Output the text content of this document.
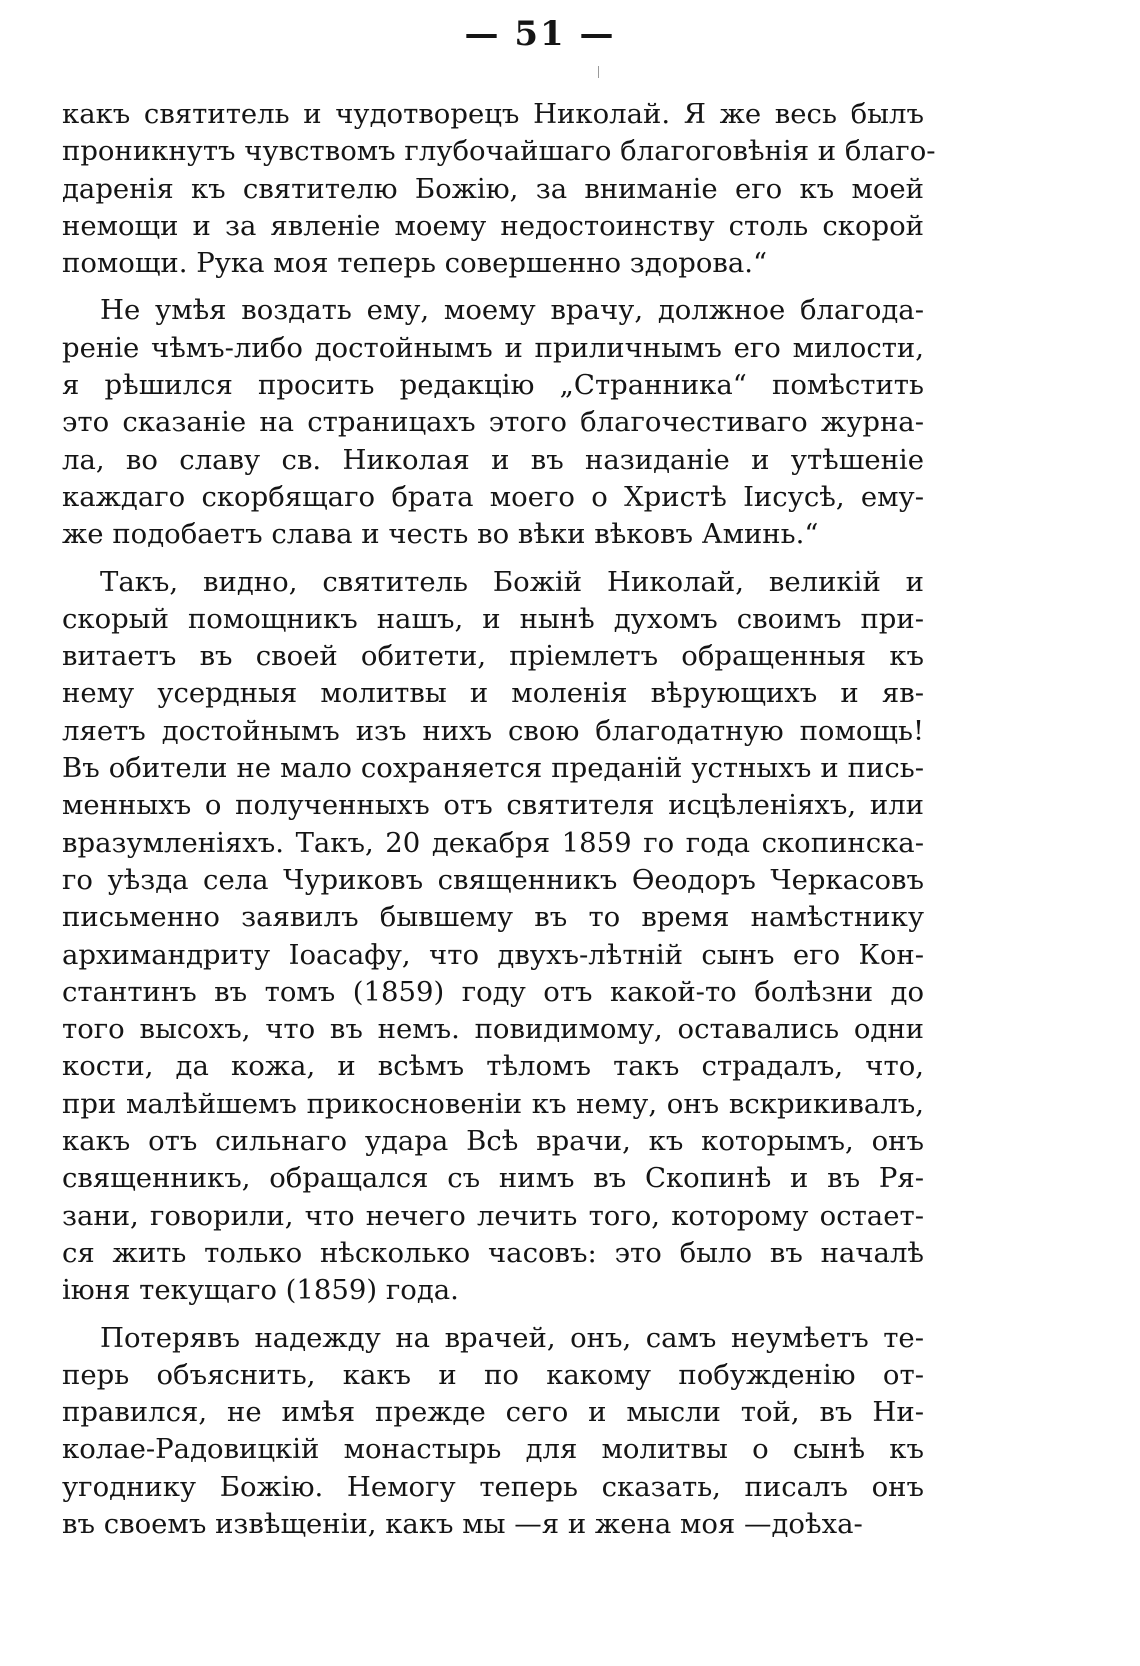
— 51 —
какъ святитель и чудотворецъ Николай. Я же весь былъ
проникнутъ чувствомъ глубочайшаго благоговѣнія и благо-
дарeнія къ святителю Божію, за вниманіе его къ моей
немощи и за явленіе моему недостоинству столь скорой
помощи. Рука моя теперь совершенно здорова.“
Не умѣя воздать ему, моему врачу, должное благода-
реніе чѣмъ-либо достойнымъ и приличнымъ его милости,
я рѣшился просить редакцію „Странника“ помѣстить
это сказаніе на страницахъ этого благочестиваго журна-
ла, во славу св. Николая и въ назиданіе и утѣшеніе
каждаго скорбящаго брата моего о Христѣ Іисусѣ, ему-
же подобаетъ слава и честь во вѣки вѣковъ Аминь.“
Такъ, видно, святитель Божій Николай, великій и
скорый помощникъ нашъ, и нынѣ духомъ своимъ при-
витаетъ въ своей обитети, пріемлетъ обращенныя къ
нему усердныя молитвы и моленія вѣрующихъ и яв-
ляетъ достойнымъ изъ нихъ свою благодатную помощь!
Въ обители не мало сохраняется преданій устныхъ и пись-
менныхъ о полученныхъ отъ святителя исцѣленіяхъ, или
вразумленіяхъ. Такъ, 20 декабря 1859 го года скопинска-
го уѣзда села Чуриковъ священникъ Ѳеодоръ Черкасовъ
письменно заявилъ бывшему въ то время намѣстнику
архимандриту Іоасафу, что двухъ-лѣтній сынъ его Кон-
стантинъ въ томъ (1859) году отъ какой-то болѣзни до
того высохъ, что въ немъ. повидимому, оставались одни
кости, да кожа, и всѣмъ тѣломъ такъ страдалъ, что,
при малѣйшемъ прикосновеніи къ нему, онъ вскрикивалъ,
какъ отъ сильнаго удара Всѣ врачи, къ которымъ, онъ
священникъ, обращался съ нимъ въ Скопинѣ и въ Ря-
зани, говорили, что нечего лечить того, которому остает-
ся жить только нѣсколько часовъ: это было въ началѣ
іюня текущаго (1859) года.
Потерявъ надежду на врачей, онъ, самъ неумѣетъ те-
перь объяснить, какъ и по какому побужденію от-
правился, не имѣя прежде сего и мысли той, въ Ни-
колае-Радовицкій монастырь для молитвы о сынѣ къ
угоднику Божію. Немогу теперь сказать, писалъ онъ
въ своемъ извѣщеніи, какъ мы —я и жена моя —доѣха-
